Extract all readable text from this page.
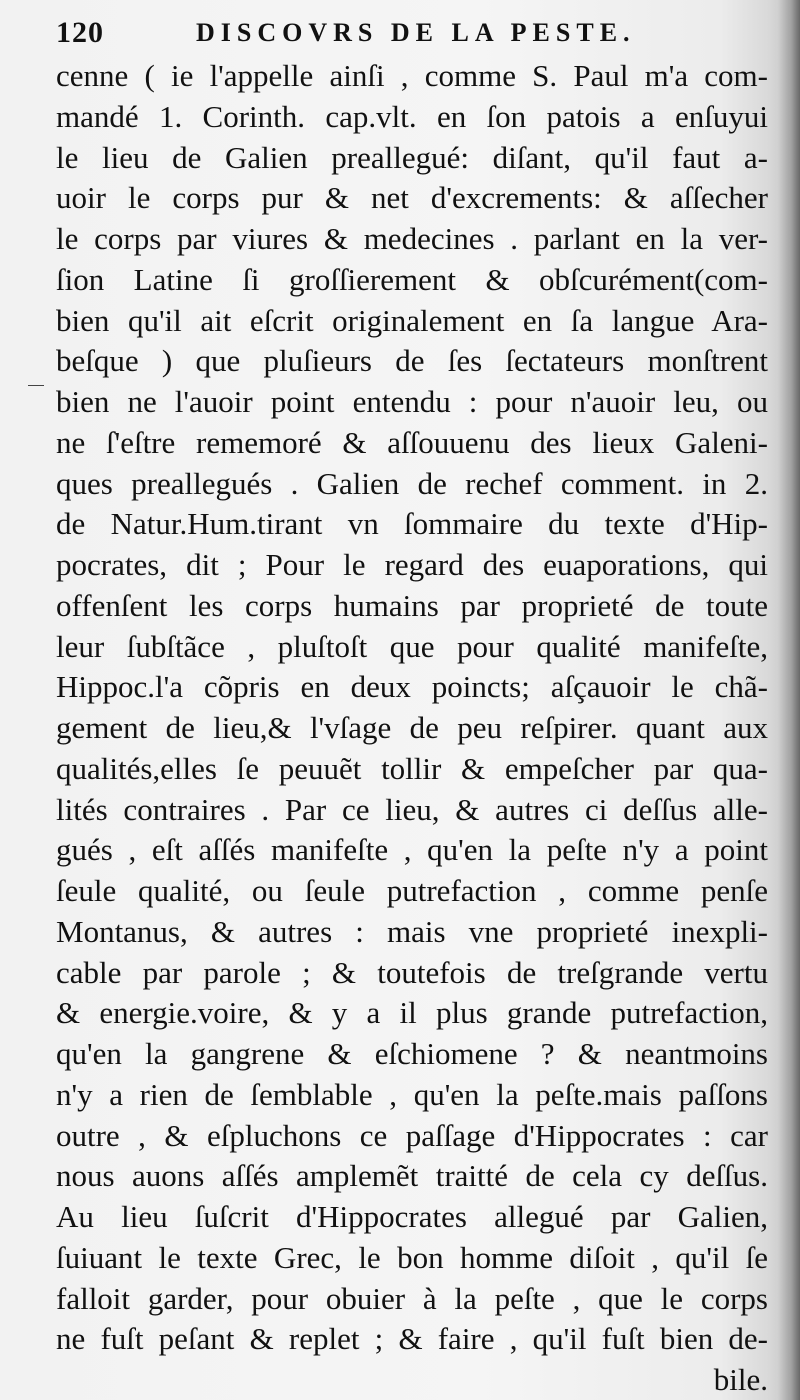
120	DISCOVRS DE LA PESTE.
cenne ( ie l'appelle ainſi , comme S. Paul m'a com-
mandé 1. Corinth. cap.vlt. en ſon patois a enſuyui
le lieu de Galien preallegué: diſant, qu'il faut a-
uoir le corps pur & net d'excrements: & aſſecher
le corps par viures & medecines . parlant en la ver-
ſion Latine ſi groſſierement & obſcurément(com-
bien qu'il ait eſcrit originalement en ſa langue Ara-
beſque ) que pluſieurs de ſes ſectateurs monſtrent
bien ne l'auoir point entendu : pour n'auoir leu, ou
ne ſ'eſtre rememoré & aſſouuenu des lieux Galeni-
ques preallegués . Galien de rechef comment. in 2.
de Natur.Hum.tirant vn ſommaire du texte d'Hip-
pocrates, dit ; Pour le regard des euaporations, qui
offenſent les corps humains par proprieté de toute
leur ſubſtãce , pluſtoſt que pour qualité manifeſte,
Hippoc.l'a cõpris en deux poincts; aſçauoir le chã-
gement de lieu,& l'vſage de peu reſpirer. quant aux
qualités,elles ſe peuuẽt tollir & empeſcher par qua-
lités contraires . Par ce lieu, & autres ci deſſus alle-
gués , eſt aſſés manifeſte , qu'en la peſte n'y a point
ſeule qualité, ou ſeule putrefaction , comme penſe
Montanus, & autres : mais vne proprieté inexpli-
cable par parole ; & toutefois de treſgrande vertu
& energie.voire, & y a il plus grande putrefaction,
qu'en la gangrene & eſchiomene ? & neantmoins
n'y a rien de ſemblable , qu'en la peſte.mais paſſons
outre , & eſpluchons ce paſſage d'Hippocrates : car
nous auons aſſés amplemẽt traitté de cela cy deſſus.
Au lieu ſuſcrit d'Hippocrates allegué par Galien,
ſuiuant le texte Grec, le bon homme diſoit , qu'il ſe
falloit garder, pour obuier à la peſte , que le corps
ne fuſt peſant & replet ; & faire , qu'il fuſt bien de-
bile.
